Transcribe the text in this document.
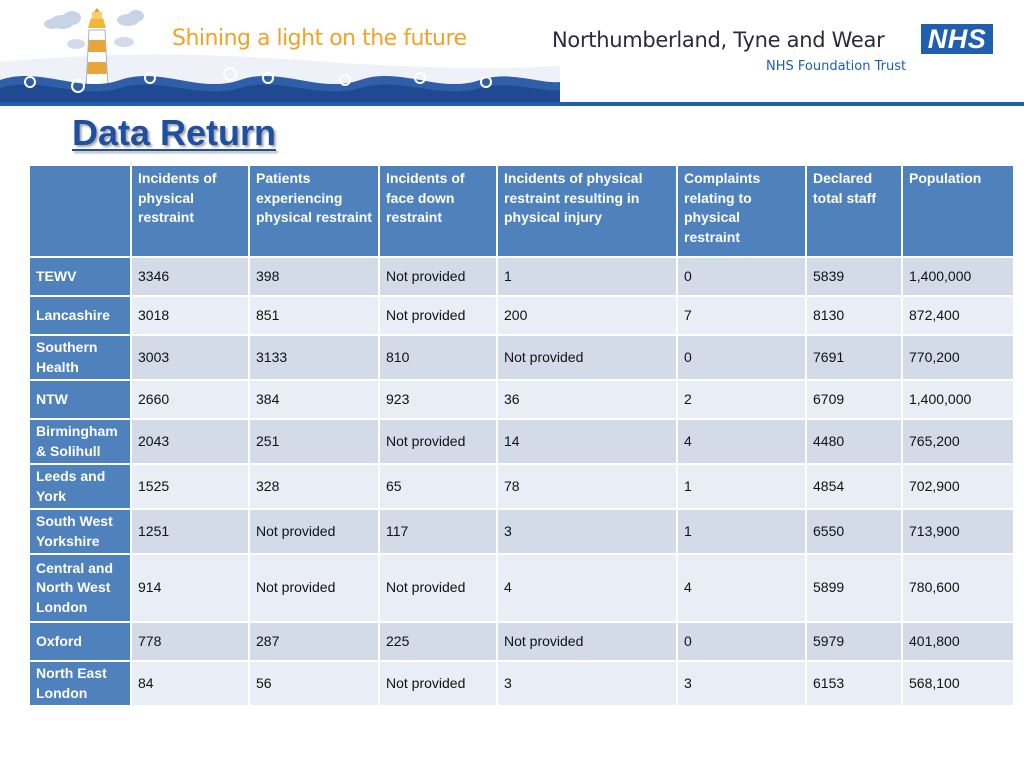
Shining a light on the future	Northumberland, Tyne and Wear NHS
NHS Foundation Trust
Data Return
	Incidents of physical restraint	Patients experiencing physical restraint	Incidents of face down restraint	Incidents of physical restraint resulting in physical injury	Complaints relating to physical restraint	Declared total staff	Population
TEWV	3346	398	Not provided	1	0	5839	1,400,000
Lancashire	3018	851	Not provided	200	7	8130	872,400
Southern Health	3003	3133	810	Not provided	0	7691	770,200
NTW	2660	384	923	36	2	6709	1,400,000
Birmingham & Solihull	2043	251	Not provided	14	4	4480	765,200
Leeds and York	1525	328	65	78	1	4854	702,900
South West Yorkshire	1251	Not provided	117	3	1	6550	713,900
Central and North West London	914	Not provided	Not provided	4	4	5899	780,600
Oxford	778	287	225	Not provided	0	5979	401,800
North East London	84	56	Not provided	3	3	6153	568,100
